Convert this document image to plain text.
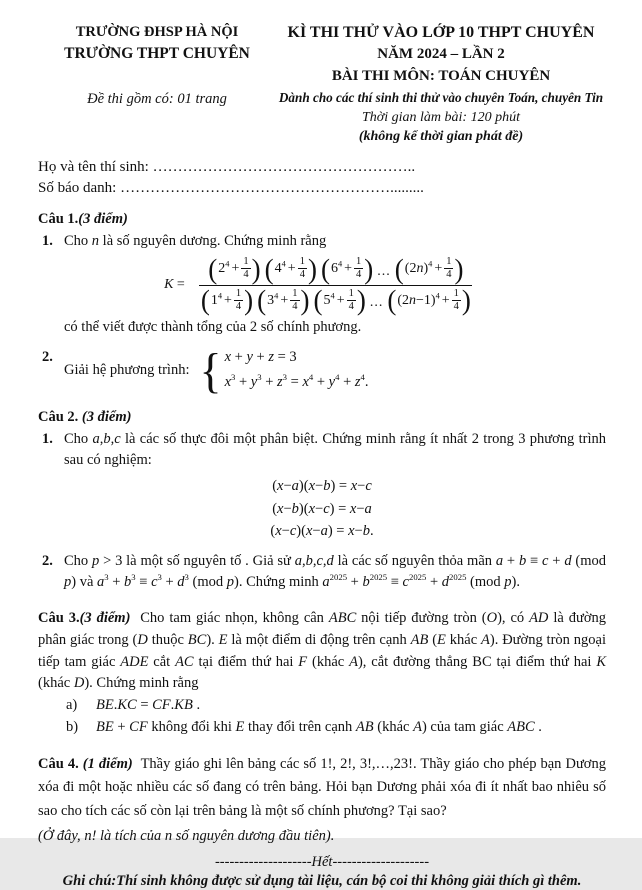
TRƯỜNG ĐHSP HÀ NỘI
TRƯỜNG THPT CHUYÊN
Đề thi gồm có: 01 trang
KÌ THI THỬ VÀO LỚP 10 THPT CHUYÊN
NĂM 2024 – LẦN 2
BÀI THI MÔN: TOÁN CHUYÊN
Dành cho các thí sinh thi thử vào chuyên Toán, chuyên Tin
Thời gian làm bài: 120 phút
(không kể thời gian phát đề)
Họ và tên thí sinh: ……………………………………………..
Số báo danh: ……………………………………………….........
Câu 1.(3 điểm)
1. Cho n là số nguyên dương. Chứng minh rằng
K = ( $2^4 + \frac{1}{4}$ ) ( $4^4 + \frac{1}{4}$ ) ( $6^4 + \frac{1}{4}$ ) ... ( $(2n)^4 + \frac{1}{4}$ )
( $1^4 + \frac{1}{4}$ ) ( $3^4 + \frac{1}{4}$ ) ( $5^4 + \frac{1}{4}$ ) ... ( $(2n-1)^4 + \frac{1}{4}$ )
có thể viết được thành tổng của 2 số chính phương.
2.
Giải hệ phương trình: { x + y + z = 3
$x^3 + y^3 + z^3 = x^4 + y^4 + z^4$.
Câu 2. (3 điểm)
1. Cho a,b,c là các số thực đôi một phân biệt. Chứng minh rằng ít nhất 2 trong 3 phương trình sau có nghiệm:
(x−a)(x−b) = x−c
(x−b)(x−c) = x−a
(x−c)(x−a) = x−b.
2. Cho p > 3 là một số nguyên tố . Giả sử a,b,c,d là các số nguyên thỏa mãn a + b ≡ c + d (mod p) và $a^3 + b^3 \equiv c^3 + d^3$ (mod p). Chứng minh $a^{2025} + b^{2025} \equiv c^{2025} + d^{2025}$ (mod p).

Câu 3.(3 điểm) Cho tam giác nhọn, không cân ABC nội tiếp đường tròn (O), có AD là đường phân giác trong (D thuộc BC). E là một điểm di động trên cạnh AB (E khác A). Đường tròn ngoại tiếp tam giác ADE cắt AC tại điểm thứ hai F (khác A), cắt đường thẳng BC tại điểm thứ hai K (khác D). Chứng minh rằng

a)	BE.KC = CF.KB .
b)	BE + CF không đổi khi E thay đổi trên cạnh AB (khác A) của tam giác ABC .

Câu 4. (1 điểm) Thầy giáo ghi lên bảng các số 1!, 2!, 3!,…,23!. Thầy giáo cho phép bạn Dương xóa đi một hoặc nhiều các số đang có trên bảng. Hỏi bạn Dương phải xóa đi ít nhất bao nhiêu số sao cho tích các số còn lại trên bảng là một số chính phương? Tại sao?

(Ở đây, n! là tích của n số nguyên dương đầu tiên).
--------------------Hết--------------------
Ghi chú:Thí sinh không được sử dụng tài liệu, cán bộ coi thi không giải thích gì thêm.
